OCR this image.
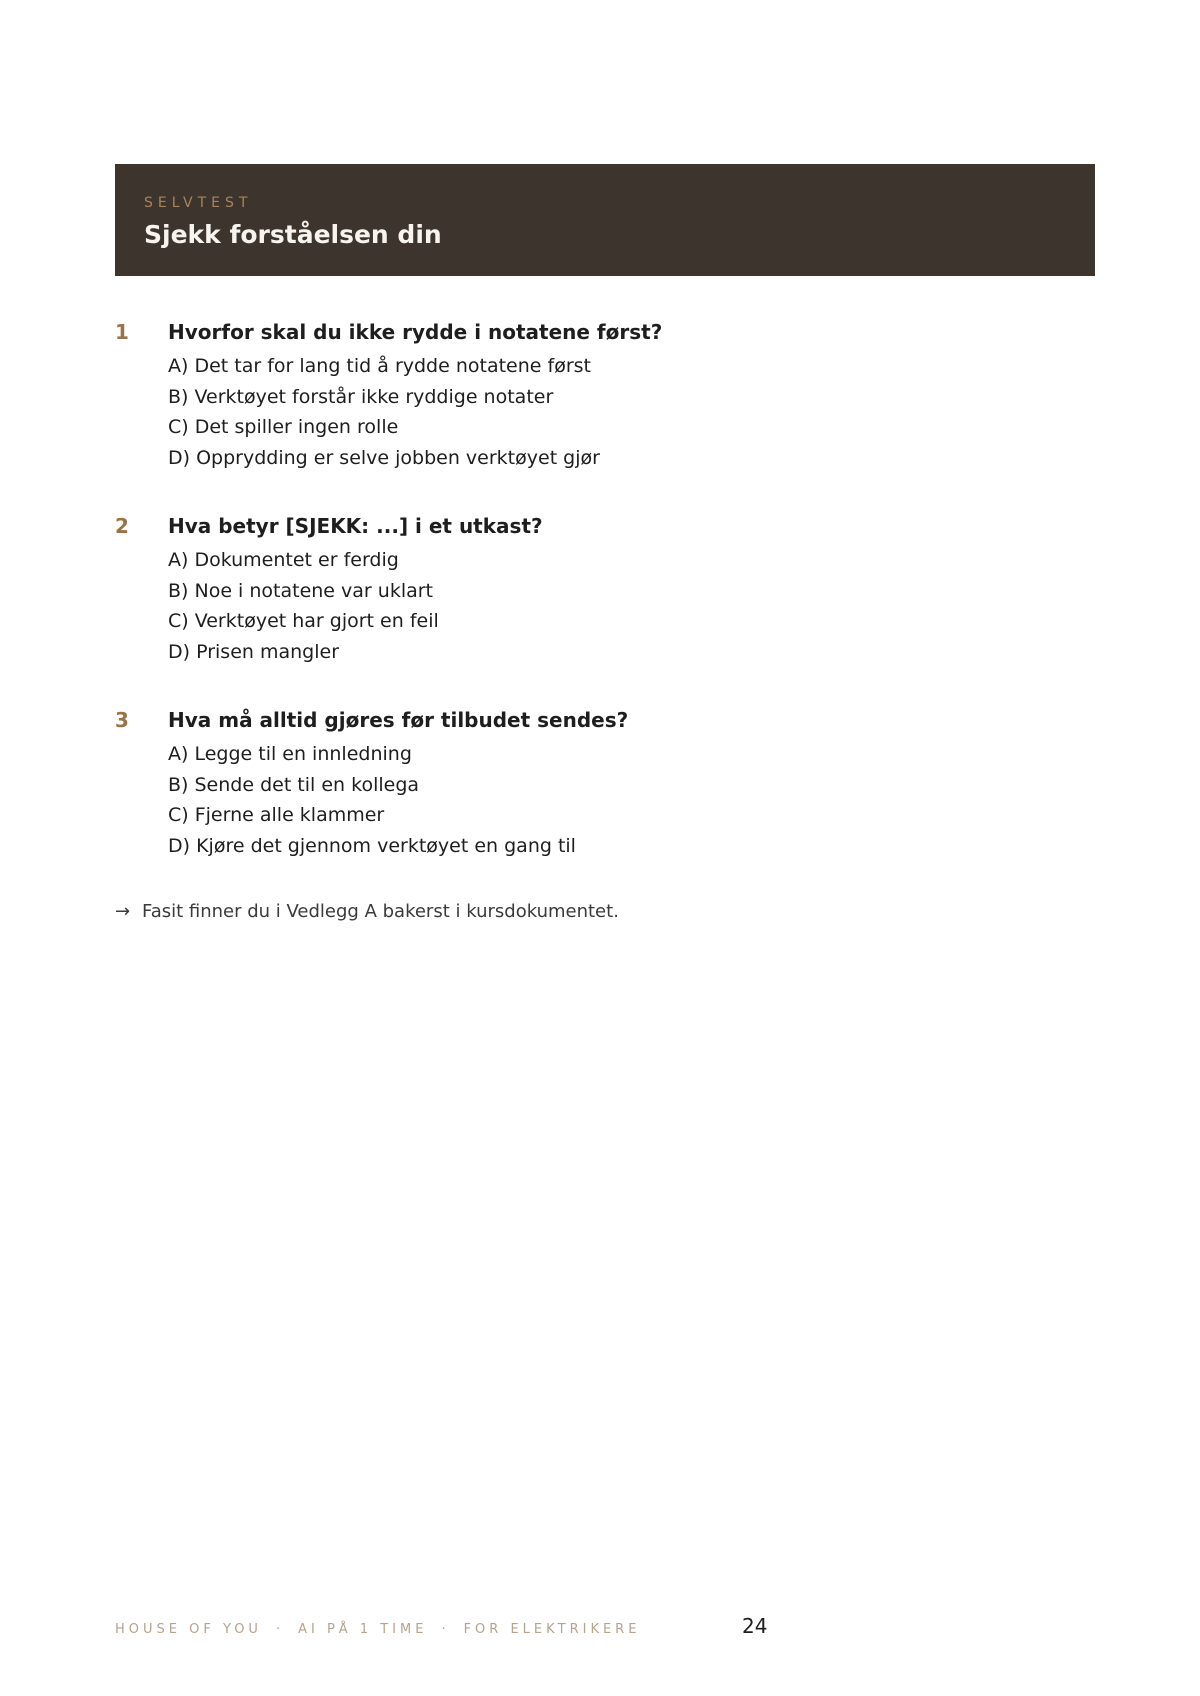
SELVTEST
Sjekk forståelsen din
1 Hvorfor skal du ikke rydde i notatene først?
A) Det tar for lang tid å rydde notatene først
B) Verktøyet forstår ikke ryddige notater
C) Det spiller ingen rolle
D) Opprydding er selve jobben verktøyet gjør
2 Hva betyr [SJEKK: ...] i et utkast?
A) Dokumentet er ferdig
B) Noe i notatene var uklart
C) Verktøyet har gjort en feil
D) Prisen mangler
3 Hva må alltid gjøres før tilbudet sendes?
A) Legge til en innledning
B) Sende det til en kollega
C) Fjerne alle klammer
D) Kjøre det gjennom verktøyet en gang til
→ Fasit finner du i Vedlegg A bakerst i kursdokumentet.
HOUSE OF YOU · AI PÅ 1 TIME · FOR ELEKTRIKERE	24
